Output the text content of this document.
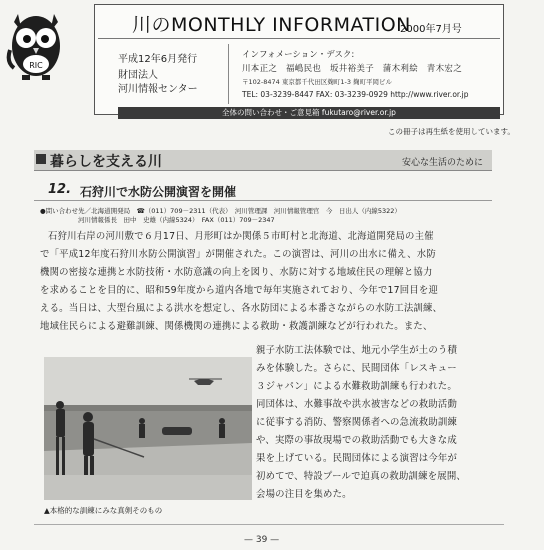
RIC
川のMONTHLY INFORMATION
2000年7月号
平成12年6月発行
財団法人
河川情報センター
インフォメーション・デスク:
川本正之　福嶋民也　坂井裕美子　蒲木利絵　青木宏之
〒102-8474 東京都千代田区麹町1-3 麹町平岡ビル
TEL: 03-3239-8447 FAX: 03-3239-0929 http://www.river.or.jp
全体の問い合わせ・ご意見箱 fukutaro@river.or.jp
この冊子は再生紙を使用しています。
暮らしを支える川	安心な生活のために
12. 石狩川で水防公開演習を開催
●問い合わせ先／北海道開発局　☎（011）709－2311（代表）　河川管理課　河川情報管理官　今　日出人（内線5322）
河川情報係長　田中　史雄（内線5324）　FAX（011）709－2347
石狩川右岸の河川敷で６月17日、月形町はか関係５市町村と北海道、北海道開発局の主催
で「平成12年度石狩川水防公開演習」が開催された。この演習は、河川の出水に備え、水防
機関の密接な連携と水防技術・水防意識の向上を図り、水防に対する地域住民の理解と協力
を求めることを目的に、昭和59年度から道内各地で毎年実施されており、今年で17回目を迎
える。当日は、大型台風による洪水を想定し、各水防団による本番さながらの水防工法訓練、
地域住民らによる避難訓練、関係機関の連携による救助・救護訓練などが行われた。また、
親子水防工法体験では、地元小学生が土のう積
みを体験した。さらに、民間団体「レスキュー
３ジャパン」による水難救助訓練も行われた。
同団体は、水難事故や洪水被害などの救助活動
に従事する消防、警察関係者への急流救助訓練
や、実際の事故現場での救助活動でも大きな成
果を上げている。民間団体による演習は今年が
初めてで、特設プールで迫真の救助訓練を展開、
会場の注目を集めた。
▲本格的な訓練にみな真剣そのもの
— 39 —
